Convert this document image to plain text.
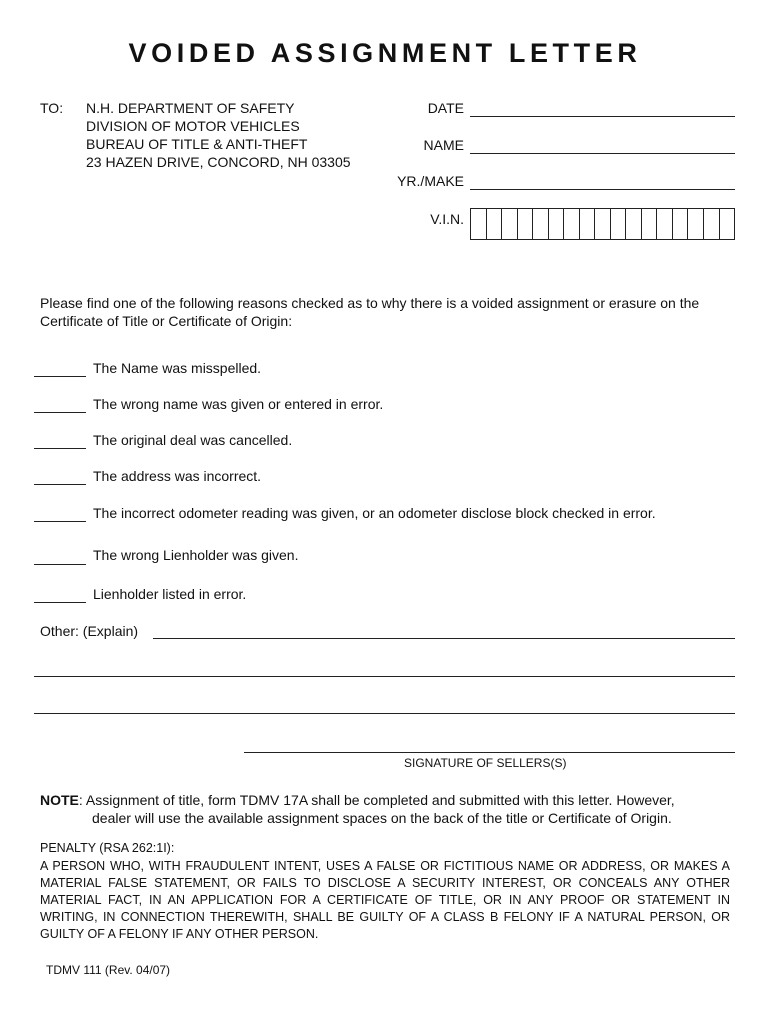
VOIDED ASSIGNMENT LETTER
TO: N.H. DEPARTMENT OF SAFETY
DIVISION OF MOTOR VEHICLES
BUREAU OF TITLE & ANTI-THEFT
23 HAZEN DRIVE, CONCORD, NH 03305
DATE
NAME
YR./MAKE
V.I.N.
Please find one of the following reasons checked as to why there is a voided assignment or erasure on the Certificate of Title or Certificate of Origin:
The Name was misspelled.
The wrong name was given or entered in error.
The original deal was cancelled.
The address was incorrect.
The incorrect odometer reading was given, or an odometer disclose block checked in error.
The wrong Lienholder was given.
Lienholder listed in error.
Other: (Explain)
SIGNATURE OF SELLERS(S)
NOTE: Assignment of title, form TDMV 17A shall be completed and submitted with this letter. However,
dealer will use the available assignment spaces on the back of the title or Certificate of Origin.
PENALTY (RSA 262:1I):
A PERSON WHO, WITH FRAUDULENT INTENT, USES A FALSE OR FICTITIOUS NAME OR ADDRESS, OR MAKES A MATERIAL FALSE STATEMENT, OR FAILS TO DISCLOSE A SECURITY INTEREST, OR CONCEALS ANY OTHER MATERIAL FACT, IN AN APPLICATION FOR A CERTIFICATE OF TITLE, OR IN ANY PROOF OR STATEMENT IN WRITING, IN CONNECTION THEREWITH, SHALL BE GUILTY OF A CLASS B FELONY IF A NATURAL PERSON, OR GUILTY OF A FELONY IF ANY OTHER PERSON.
TDMV 111 (Rev. 04/07)
